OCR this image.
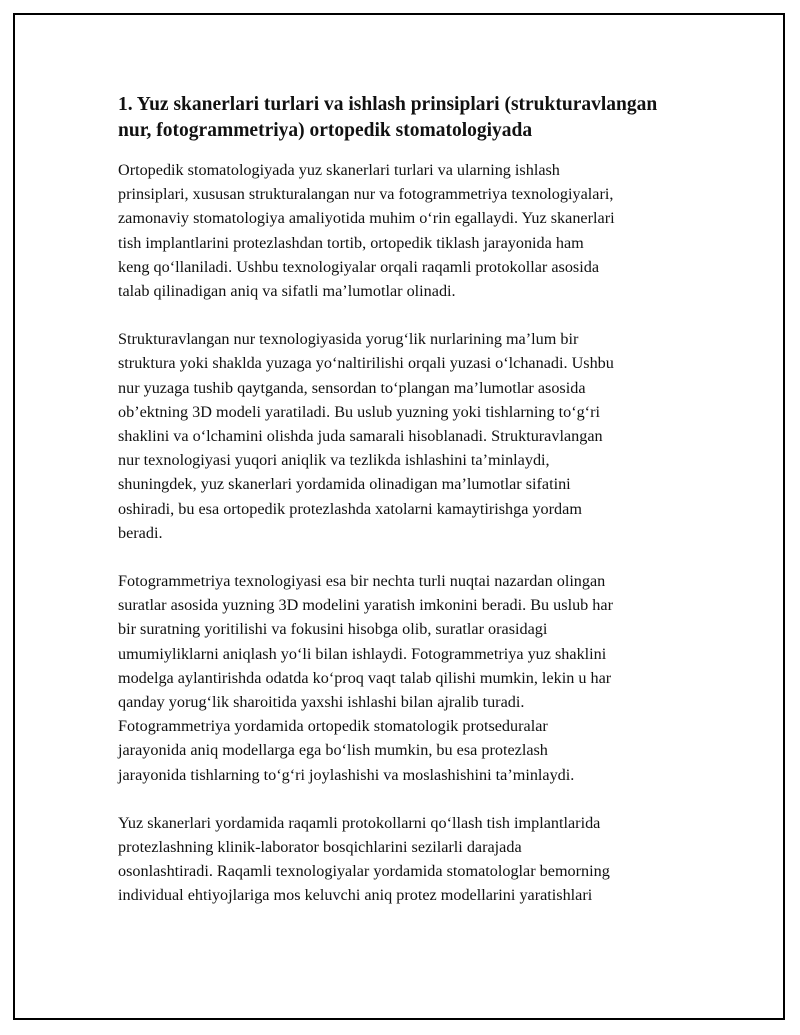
1. Yuz skanerlari turlari va ishlash prinsiplari (strukturavlangan nur, fotogrammetriya) ortopedik stomatologiyada

Ortopedik stomatologiyada yuz skanerlari turlari va ularning ishlash
prinsiplari, xususan strukturalangan nur va fotogrammetriya texnologiyalari,
zamonaviy stomatologiya amaliyotida muhim o‘rin egallaydi. Yuz skanerlari
tish implantlarini protezlashdan tortib, ortopedik tiklash jarayonida ham
keng qo‘llaniladi. Ushbu texnologiyalar orqali raqamli protokollar asosida
talab qilinadigan aniq va sifatli ma’lumotlar olinadi.

Strukturavlangan nur texnologiyasida yorug‘lik nurlarining ma’lum bir
struktura yoki shaklda yuzaga yo‘naltirilishi orqali yuzasi o‘lchanadi. Ushbu
nur yuzaga tushib qaytganda, sensordan to‘plangan ma’lumotlar asosida
ob’ektning 3D modeli yaratiladi. Bu uslub yuzning yoki tishlarning to‘g‘ri
shaklini va o‘lchamini olishda juda samarali hisoblanadi. Strukturavlangan
nur texnologiyasi yuqori aniqlik va tezlikda ishlashini ta’minlaydi,
shuningdek, yuz skanerlari yordamida olinadigan ma’lumotlar sifatini
oshiradi, bu esa ortopedik protezlashda xatolarni kamaytirishga yordam
beradi.

Fotogrammetriya texnologiyasi esa bir nechta turli nuqtai nazardan olingan
suratlar asosida yuzning 3D modelini yaratish imkonini beradi. Bu uslub har
bir suratning yoritilishi va fokusini hisobga olib, suratlar orasidagi
umumiyliklarni aniqlash yo‘li bilan ishlaydi. Fotogrammetriya yuz shaklini
modelga aylantirishda odatda ko‘proq vaqt talab qilishi mumkin, lekin u har
qanday yorug‘lik sharoitida yaxshi ishlashi bilan ajralib turadi.
Fotogrammetriya yordamida ortopedik stomatologik protseduralar
jarayonida aniq modellarga ega bo‘lish mumkin, bu esa protezlash
jarayonida tishlarning to‘g‘ri joylashishi va moslashishini ta’minlaydi.

Yuz skanerlari yordamida raqamli protokollarni qo‘llash tish implantlarida
protezlashning klinik-laborator bosqichlarini sezilarli darajada
osonlashtiradi. Raqamli texnologiyalar yordamida stomatologlar bemorning
individual ehtiyojlariga mos keluvchi aniq protez modellarini yaratishlari
